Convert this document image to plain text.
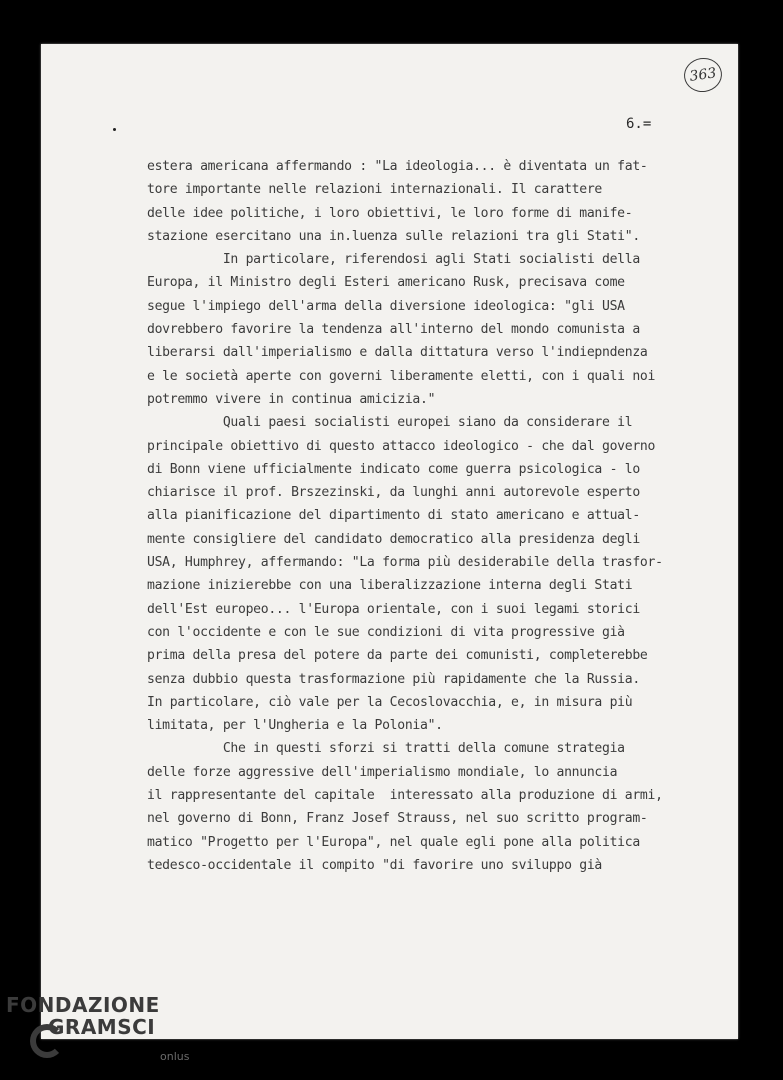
363
6.=
estera americana affermando : "La ideologia... è diventata un fat-
tore importante nelle relazioni internazionali. Il carattere
delle idee politiche, i loro obiettivi, le loro forme di manife-
stazione esercitano una in.luenza sulle relazioni tra gli Stati".
In particolare, riferendosi agli Stati socialisti della
Europa, il Ministro degli Esteri americano Rusk, precisava come
segue l'impiego dell'arma della diversione ideologica: "gli USA
dovrebbero favorire la tendenza all'interno del mondo comunista a
liberarsi dall'imperialismo e dalla dittatura verso l'indiepndenza
e le società aperte con governi liberamente eletti, con i quali noi
potremmo vivere in continua amicizia."
Quali paesi socialisti europei siano da considerare il
principale obiettivo di questo attacco ideologico - che dal governo
di Bonn viene ufficialmente indicato come guerra psicologica - lo
chiarisce il prof. Brszezinski, da lunghi anni autorevole esperto
alla pianificazione del dipartimento di stato americano e attual-
mente consigliere del candidato democratico alla presidenza degli
USA, Humphrey, affermando: "La forma più desiderabile della trasfor-
mazione inizierebbe con una liberalizzazione interna degli Stati
dell'Est europeo... l'Europa orientale, con i suoi legami storici
con l'occidente e con le sue condizioni di vita progressive già
prima della presa del potere da parte dei comunisti, completerebbe
senza dubbio questa trasformazione più rapidamente che la Russia.
In particolare, ciò vale per la Cecoslovacchia, e, in misura più
limitata, per l'Ungheria e la Polonia".
Che in questi sforzi si tratti della comune strategia
delle forze aggressive dell'imperialismo mondiale, lo annuncia
il rappresentante del capitale  interessato alla produzione di armi,
nel governo di Bonn, Franz Josef Strauss, nel suo scritto program-
matico "Progetto per l'Europa", nel quale egli pone alla politica
tedesco-occidentale il compito "di favorire uno sviluppo già
FONDAZIONE
GRAMSCI
onlus
